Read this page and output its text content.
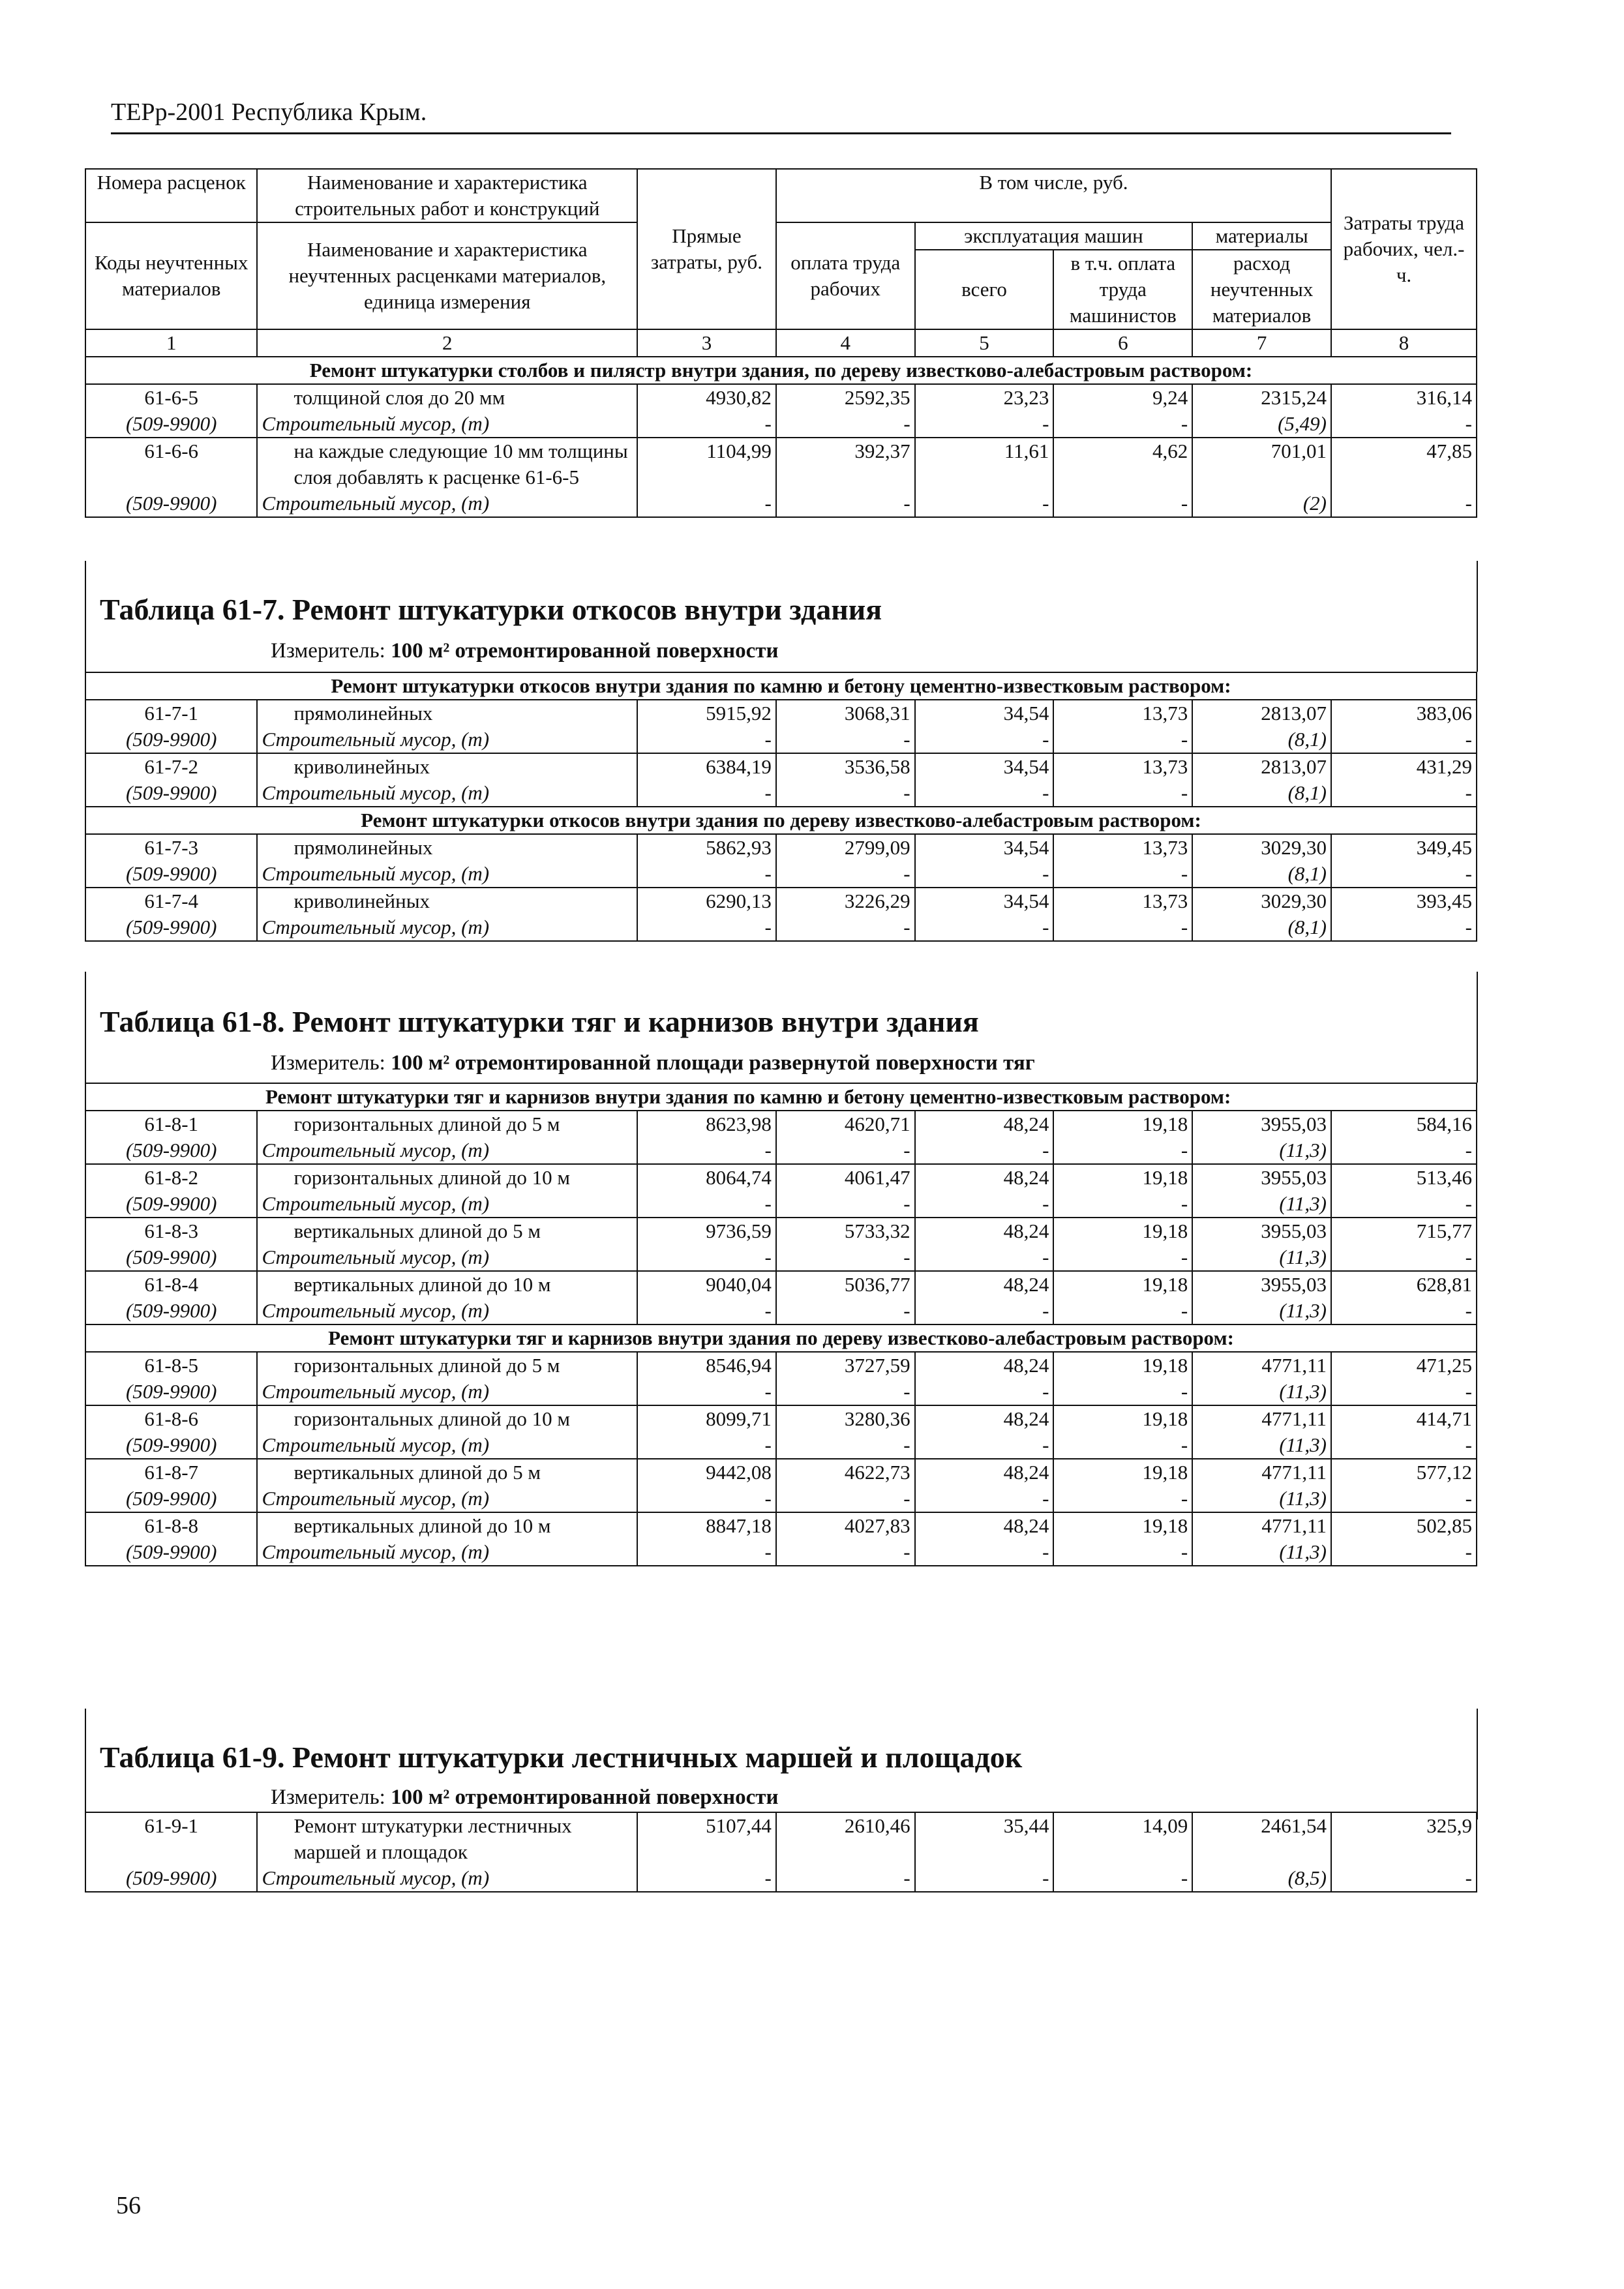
ТЕРр-2001 Республика Крым.
Номера расценок	Наименование и характеристика строительных работ и конструкций	Прямые затраты, руб.	В том числе, руб.				Затраты труда рабочих, чел.-ч.
Коды неучтенных материалов	Наименование и характеристика неучтенных расценками материалов, единица измерения		оплата труда рабочих	эксплуатация машин		материалы	
				всего	в т.ч. оплата труда машинистов	расход неучтенных материалов	

1	2	3	4	5	6	7	8
Ремонт штукатурки столбов и пилястр внутри здания, по дереву известково-алебастровым раствором:							
61-6-5	толщиной слоя до 20 мм	4930,82	2592,35	23,23	9,24	2315,24	316,14
(509-9900)	Строительный мусор, (т)	-	-	-	-	(5,49)	-
61-6-6	на каждые следующие 10 мм толщины слоя добавлять к расценке 61-6-5	1104,99	392,37	11,61	4,62	701,01	47,85
(509-9900)	Строительный мусор, (т)	-	-	-	-	(2)	-
Таблица 61-7. Ремонт штукатурки откосов внутри здания
Измеритель: 100 м² отремонтированной поверхности
Таблица 61-8. Ремонт штукатурки тяг и карнизов внутри здания
Измеритель: 100 м² отремонтированной площади развернутой поверхности тяг
Таблица 61-9. Ремонт штукатурки лестничных маршей и площадок
Измеритель: 100 м² отремонтированной поверхности
56
Ремонт штукатурки откосов внутри здания по камню и бетону цементно-известковым раствором:							
61-7-1	прямолинейных	5915,92	3068,31	34,54	13,73	2813,07	383,06
(509-9900)	Строительный мусор, (т)	-	-	-	-	(8,1)	-
61-7-2	криволинейных	6384,19	3536,58	34,54	13,73	2813,07	431,29
(509-9900)	Строительный мусор, (т)	-	-	-	-	(8,1)	-
Ремонт штукатурки откосов внутри здания по дереву известково-алебастровым раствором:							
61-7-3	прямолинейных	5862,93	2799,09	34,54	13,73	3029,30	349,45
(509-9900)	Строительный мусор, (т)	-	-	-	-	(8,1)	-
61-7-4	криволинейных	6290,13	3226,29	34,54	13,73	3029,30	393,45
(509-9900)	Строительный мусор, (т)	-	-	-	-	(8,1)	-
Ремонт штукатурки тяг и карнизов внутри здания по камню и бетону цементно-известковым раствором:							
61-8-1	горизонтальных длиной до 5 м	8623,98	4620,71	48,24	19,18	3955,03	584,16
(509-9900)	Строительный мусор, (т)	-	-	-	-	(11,3)	-
61-8-2	горизонтальных длиной до 10 м	8064,74	4061,47	48,24	19,18	3955,03	513,46
(509-9900)	Строительный мусор, (т)	-	-	-	-	(11,3)	-
61-8-3	вертикальных длиной до 5 м	9736,59	5733,32	48,24	19,18	3955,03	715,77
(509-9900)	Строительный мусор, (т)	-	-	-	-	(11,3)	-
61-8-4	вертикальных длиной до 10 м	9040,04	5036,77	48,24	19,18	3955,03	628,81
(509-9900)	Строительный мусор, (т)	-	-	-	-	(11,3)	-
Ремонт штукатурки тяг и карнизов внутри здания по дереву известково-алебастровым раствором:							
61-8-5	горизонтальных длиной до 5 м	8546,94	3727,59	48,24	19,18	4771,11	471,25
(509-9900)	Строительный мусор, (т)	-	-	-	-	(11,3)	-
61-8-6	горизонтальных длиной до 10 м	8099,71	3280,36	48,24	19,18	4771,11	414,71
(509-9900)	Строительный мусор, (т)	-	-	-	-	(11,3)	-
61-8-7	вертикальных длиной до 5 м	9442,08	4622,73	48,24	19,18	4771,11	577,12
(509-9900)	Строительный мусор, (т)	-	-	-	-	(11,3)	-
61-8-8	вертикальных длиной до 10 м	8847,18	4027,83	48,24	19,18	4771,11	502,85
(509-9900)	Строительный мусор, (т)	-	-	-	-	(11,3)	-
61-9-1	Ремонт штукатурки лестничных маршей и площадок	5107,44	2610,46	35,44	14,09	2461,54	325,9
(509-9900)	Строительный мусор, (т)	-	-	-	-	(8,5)	-
